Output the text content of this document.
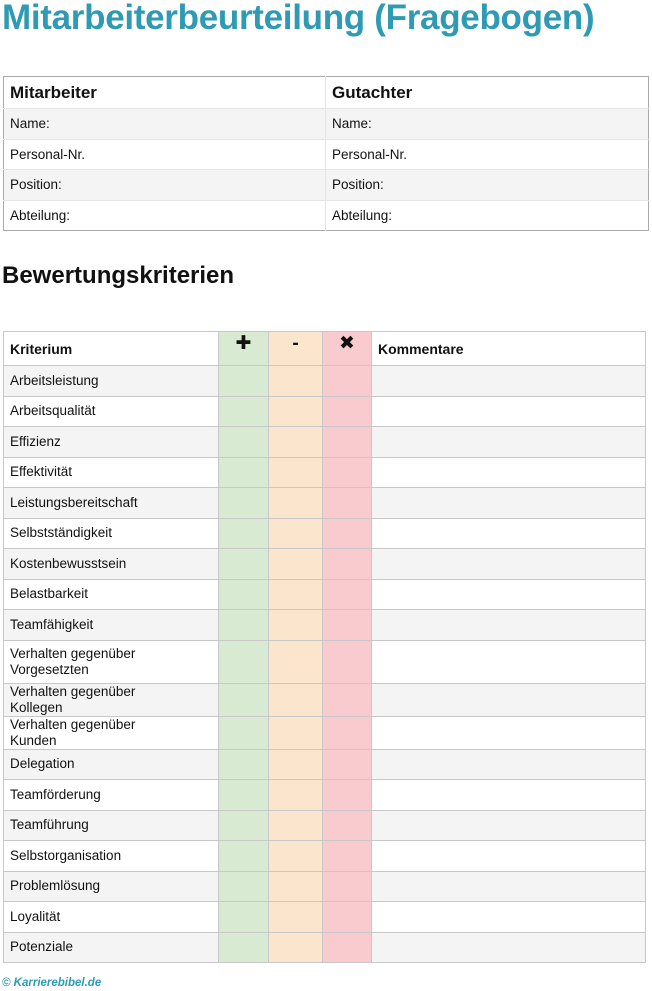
Mitarbeiterbeurteilung (Fragebogen)
Mitarbeiter		Gutachter	
Name:		Name:	
Personal-Nr.		Personal-Nr.	
Position:		Position:	
Abteilung:		Abteilung:	
Bewertungskriterien
Kriterium	✚	-	✖	Kommentare
Arbeitsleistung				
Arbeitsqualität				
Effizienz				
Effektivität				
Leistungsbereitschaft				
Selbstständigkeit				
Kostenbewusstsein				
Belastbarkeit				
Teamfähigkeit				
Verhalten gegenüber Vorgesetzten				
Verhalten gegenüber Kollegen				
Verhalten gegenüber Kunden				
Delegation				
Teamförderung				
Teamführung				
Selbstorganisation				
Problemlösung				
Loyalität				
Potenziale				
© Karrierebibel.de
